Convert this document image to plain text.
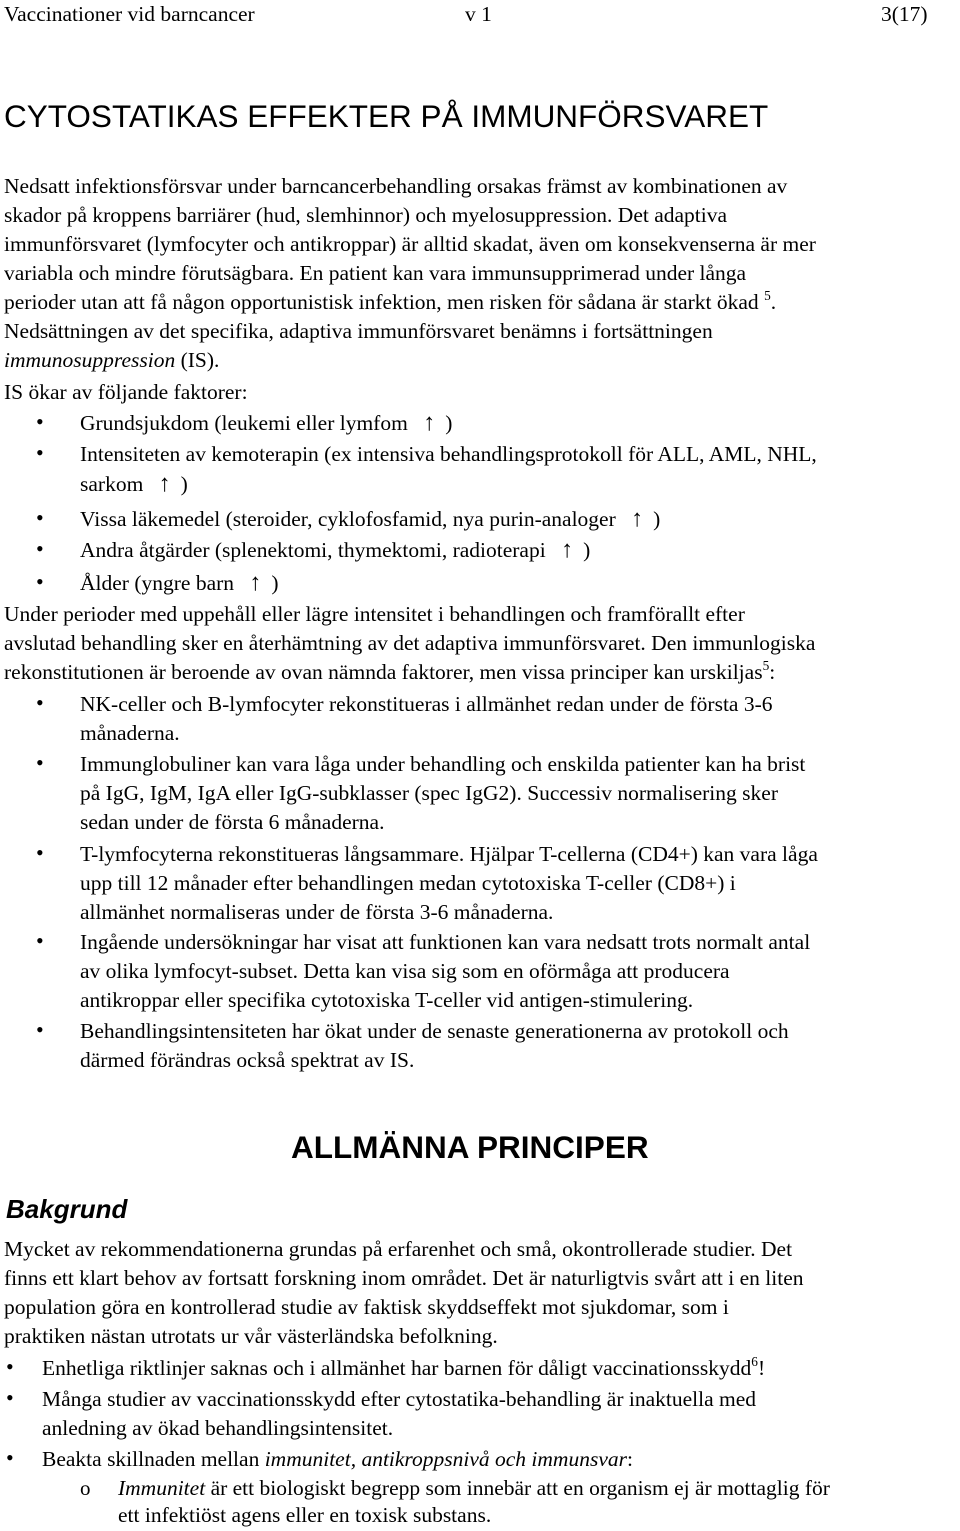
Vaccinationer vid barncancer	v 1	3(17)
CYTOSTATIKAS EFFEKTER PÅ IMMUNFÖRSVARET
Nedsatt infektionsförsvar under barncancerbehandling orsakas främst av kombinationen av
skador på kroppens barriärer (hud, slemhinnor) och myelosuppression. Det adaptiva
immunförsvaret (lymfocyter och antikroppar) är alltid skadat, även om konsekvenserna är mer
variabla och mindre förutsägbara. En patient kan vara immunsupprimerad under långa
perioder utan att få någon opportunistisk infektion, men risken för sådana är starkt ökad $^5$.
Nedsättningen av det specifika, adaptiva immunförsvaret benämns i fortsättningen
immunosuppression (IS).
IS ökar av följande faktorer:
• Grundsjukdom (leukemi eller lymfom ↑ )
• Intensiteten av kemoterapin (ex intensiva behandlingsprotokoll för ALL, AML, NHL,
sarkom ↑ )
• Vissa läkemedel (steroider, cyklofosfamid, nya purin-analoger ↑ )
• Andra åtgärder (splenektomi, thymektomi, radioterapi ↑ )
• Ålder (yngre barn ↑ )
Under perioder med uppehåll eller lägre intensitet i behandlingen och framförallt efter
avslutad behandling sker en återhämtning av det adaptiva immunförsvaret. Den immunlogiska
rekonstitutionen är beroende av ovan nämnda faktorer, men vissa principer kan urskiljas$^5$:
• NK-celler och B-lymfocyter rekonstitueras i allmänhet redan under de första 3-6
månaderna.
• Immunglobuliner kan vara låga under behandling och enskilda patienter kan ha brist
på IgG, IgM, IgA eller IgG-subklasser (spec IgG2). Successiv normalisering sker
sedan under de första 6 månaderna.
• T-lymfocyterna rekonstitueras långsammare. Hjälpar T-cellerna (CD4+) kan vara låga
upp till 12 månader efter behandlingen medan cytotoxiska T-celler (CD8+) i
allmänhet normaliseras under de första 3-6 månaderna.
• Ingående undersökningar har visat att funktionen kan vara nedsatt trots normalt antal
av olika lymfocyt-subset. Detta kan visa sig som en oförmåga att producera
antikroppar eller specifika cytotoxiska T-celler vid antigen-stimulering.
• Behandlingsintensiteten har ökat under de senaste generationerna av protokoll och
därmed förändras också spektrat av IS.
ALLMÄNNA PRINCIPER
Bakgrund
Mycket av rekommendationerna grundas på erfarenhet och små, okontrollerade studier. Det
finns ett klart behov av fortsatt forskning inom området. Det är naturligtvis svårt att i en liten
population göra en kontrollerad studie av faktisk skyddseffekt mot sjukdomar, som i
praktiken nästan utrotats ur vår västerländska befolkning.
• Enhetliga riktlinjer saknas och i allmänhet har barnen för dåligt vaccinationsskydd$^6$!
• Många studier av vaccinationsskydd efter cytostatika-behandling är inaktuella med
anledning av ökad behandlingsintensitet.
• Beakta skillnaden mellan immunitet, antikroppsnivå och immunsvar:
o Immunitet är ett biologiskt begrepp som innebär att en organism ej är mottaglig för
ett infektiöst agens eller en toxisk substans.
